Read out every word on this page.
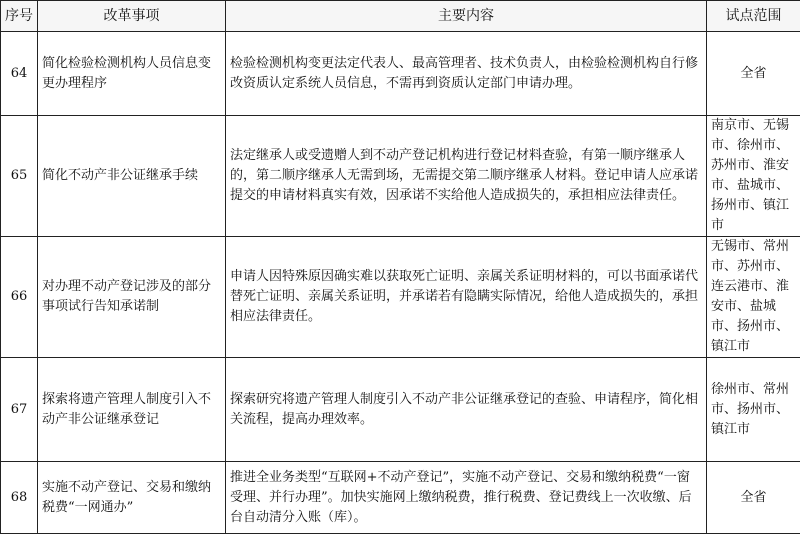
序号	改革事项	主要内容	试点范围
64	简化检验检测机构人员信息变更办理程序	检验检测机构变更法定代表人、最高管理者、技术负责人，由检验检测机构自行修改资质认定系统人员信息，不需再到资质认定部门申请办理。	全省
65	简化不动产非公证继承手续	法定继承人或受遗赠人到不动产登记机构进行登记材料查验，有第一顺序继承人的，第二顺序继承人无需到场，无需提交第二顺序继承人材料。登记申请人应承诺提交的申请材料真实有效，因承诺不实给他人造成损失的，承担相应法律责任。	南京市、无锡市、徐州市、苏州市、淮安市、盐城市、扬州市、镇江市
66	对办理不动产登记涉及的部分事项试行告知承诺制	申请人因特殊原因确实难以获取死亡证明、亲属关系证明材料的，可以书面承诺代替死亡证明、亲属关系证明，并承诺若有隐瞒实际情况，给他人造成损失的，承担相应法律责任。	无锡市、常州市、苏州市、连云港市、淮安市、盐城市、扬州市、镇江市
67	探索将遗产管理人制度引入不动产非公证继承登记	探索研究将遗产管理人制度引入不动产非公证继承登记的查验、申请程序，简化相关流程，提高办理效率。	徐州市、常州市、扬州市、镇江市
68	实施不动产登记、交易和缴纳税费“一网通办”	推进全业务类型“互联网+不动产登记”，实施不动产登记、交易和缴纳税费“一窗受理、并行办理”。加快实施网上缴纳税费，推行税费、登记费线上一次收缴、后台自动清分入账（库）。	全省
